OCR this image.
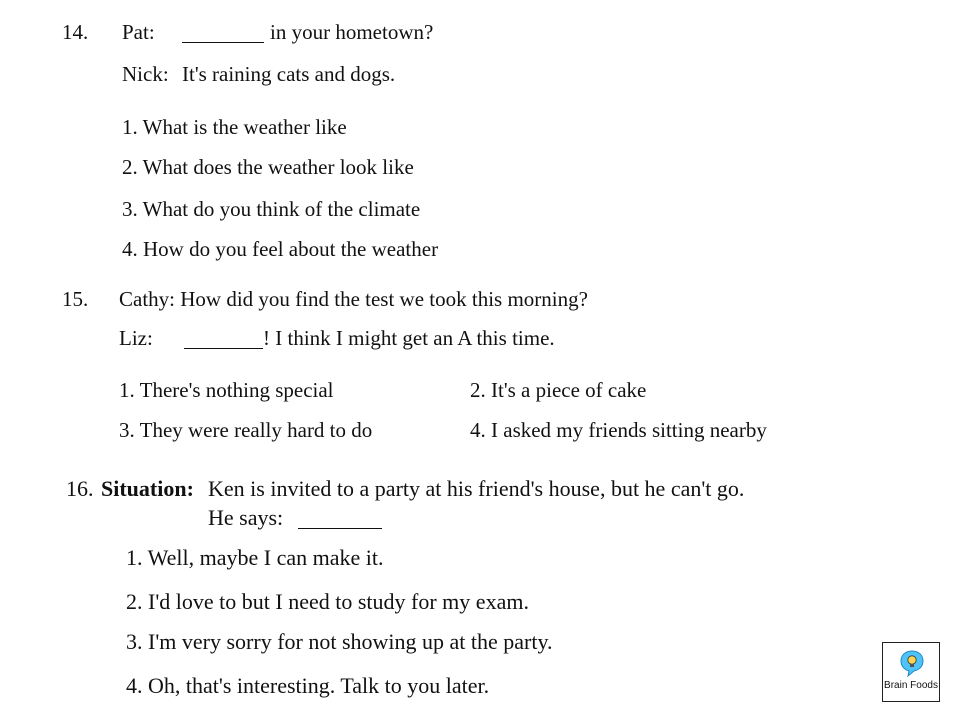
14. Pat:	in your hometown?
Nick: It's raining cats and dogs.
1. What is the weather like
2. What does the weather look like
3. What do you think of the climate
4. How do you feel about the weather
15. Cathy: How did you find the test we took this morning?
Liz:	! I think I might get an A this time.
1. There's nothing special	2. It's a piece of cake
3. They were really hard to do	4. I asked my friends sitting nearby
16. Situation: Ken is invited to a party at his friend's house, but he can't go.
He says:
1. Well, maybe I can make it.
2. I'd love to but I need to study for my exam.
3. I'm very sorry for not showing up at the party.
4. Oh, that's interesting. Talk to you later.	Brain Foods
